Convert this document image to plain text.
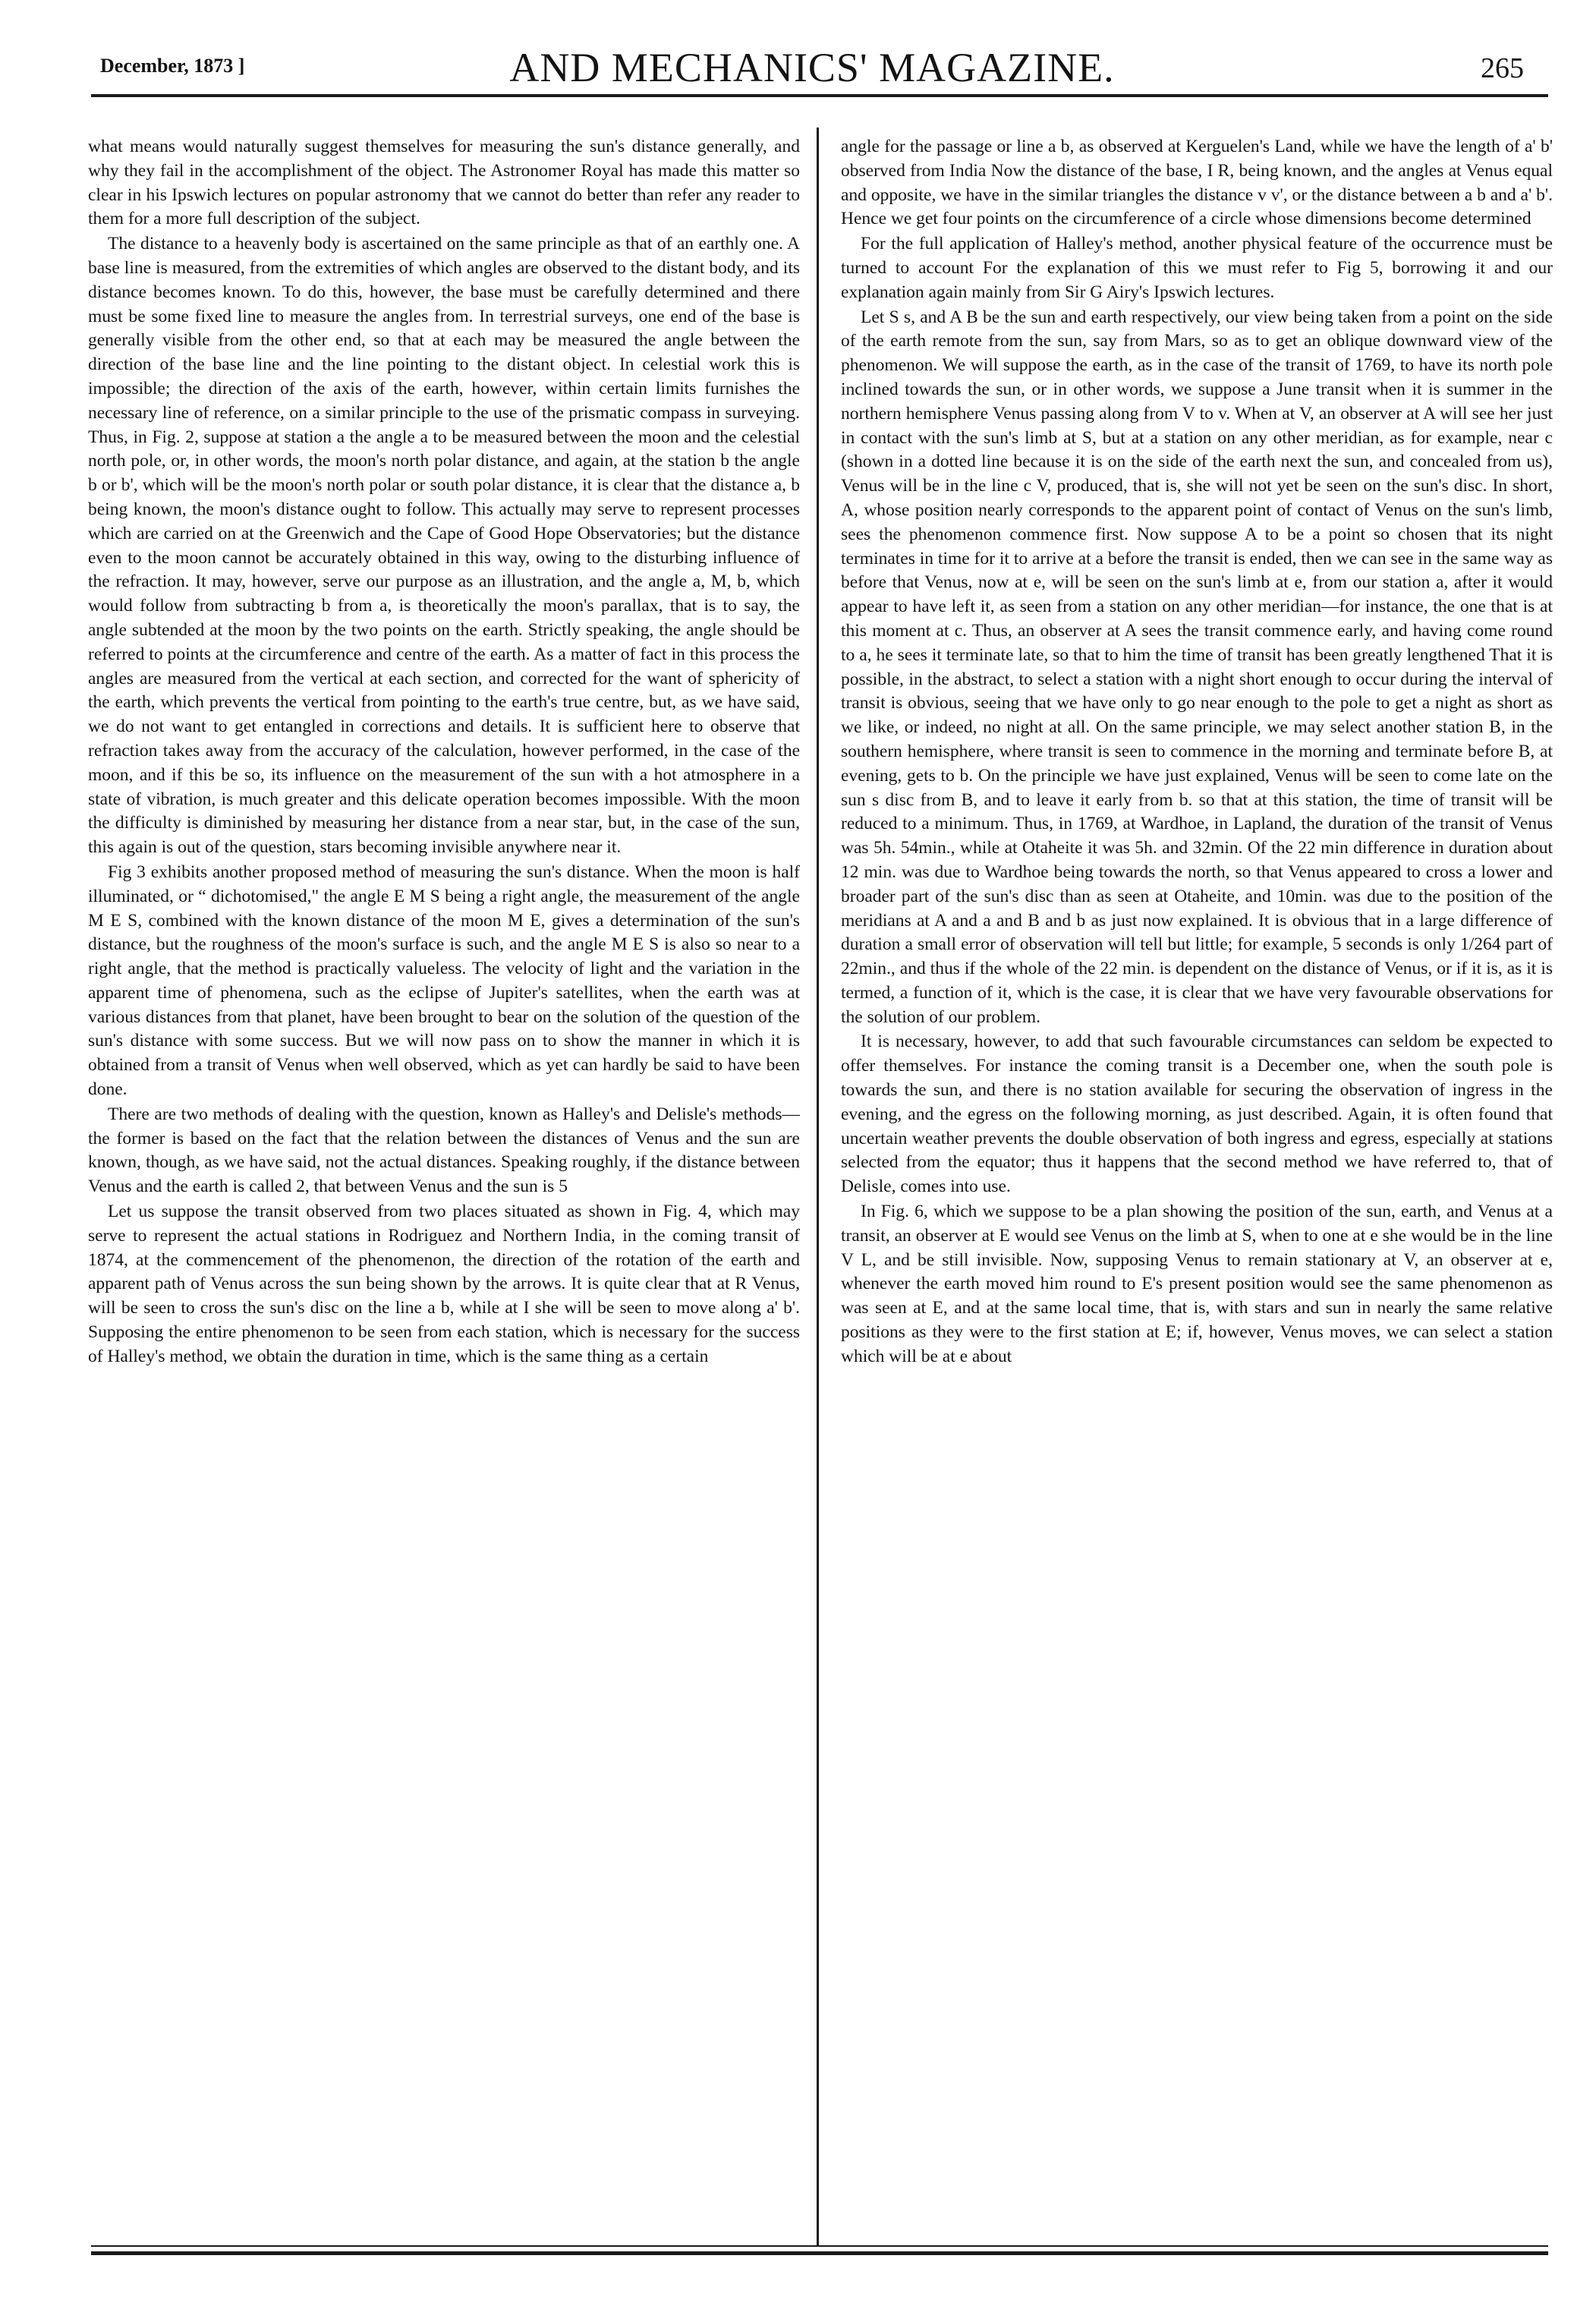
December, 1873 ]	AND MECHANICS' MAGAZINE.	265

what means would naturally suggest themselves for measuring the sun's distance generally, and why they fail in the accomplishment of the object. The Astronomer Royal has made this matter so clear in his Ipswich lectures on popular astronomy that we cannot do better than refer any reader to them for a more full description of the subject.

The distance to a heavenly body is ascertained on the same principle as that of an earthly one. A base line is measured, from the extremities of which angles are observed to the distant body, and its distance becomes known. To do this, however, the base must be carefully determined and there must be some fixed line to measure the angles from. In terrestrial surveys, one end of the base is generally visible from the other end, so that at each may be measured the angle between the direction of the base line and the line pointing to the distant object. In celestial work this is impossible; the direction of the axis of the earth, however, within certain limits furnishes the necessary line of reference, on a similar principle to the use of the prismatic compass in surveying. Thus, in Fig. 2, suppose at station a the angle a to be measured between the moon and the celestial north pole, or, in other words, the moon's north polar distance, and again, at the station b the angle b or b', which will be the moon's north polar or south polar distance, it is clear that the distance a, b being known, the moon's distance ought to follow. This actually may serve to represent processes which are carried on at the Greenwich and the Cape of Good Hope Observatories; but the distance even to the moon cannot be accurately obtained in this way, owing to the disturbing influence of the refraction. It may, however, serve our purpose as an illustration, and the angle a, M, b, which would follow from subtracting b from a, is theoretically the moon's parallax, that is to say, the angle subtended at the moon by the two points on the earth. Strictly speaking, the angle should be referred to points at the circumference and centre of the earth. As a matter of fact in this process the angles are measured from the vertical at each section, and corrected for the want of sphericity of the earth, which prevents the vertical from pointing to the earth's true centre, but, as we have said, we do not want to get entangled in corrections and details. It is sufficient here to observe that refraction takes away from the accuracy of the calculation, however performed, in the case of the moon, and if this be so, its influence on the measurement of the sun with a hot atmosphere in a state of vibration, is much greater and this delicate operation becomes impossible. With the moon the difficulty is diminished by measuring her distance from a near star, but, in the case of the sun, this again is out of the question, stars becoming invisible anywhere near it.

Fig 3 exhibits another proposed method of measuring the sun's distance. When the moon is half illuminated, or “ dichotomised," the angle E M S being a right angle, the measurement of the angle M E S, combined with the known distance of the moon M E, gives a determination of the sun's distance, but the roughness of the moon's surface is such, and the angle M E S is also so near to a right angle, that the method is practically valueless. The velocity of light and the variation in the apparent time of phenomena, such as the eclipse of Jupiter's satellites, when the earth was at various distances from that planet, have been brought to bear on the solution of the question of the sun's distance with some success. But we will now pass on to show the manner in which it is obtained from a transit of Venus when well observed, which as yet can hardly be said to have been done.

There are two methods of dealing with the question, known as Halley's and Delisle's methods—the former is based on the fact that the relation between the distances of Venus and the sun are known, though, as we have said, not the actual distances. Speaking roughly, if the distance between Venus and the earth is called 2, that between Venus and the sun is 5

Let us suppose the transit observed from two places situated as shown in Fig. 4, which may serve to represent the actual stations in Rodriguez and Northern India, in the coming transit of 1874, at the commencement of the phenomenon, the direction of the rotation of the earth and apparent path of Venus across the sun being shown by the arrows. It is quite clear that at R Venus, will be seen to cross the sun's disc on the line a b, while at I she will be seen to move along a' b'. Supposing the entire phenomenon to be seen from each station, which is necessary for the success of Halley's method, we obtain the duration in time, which is the same thing as a certain

angle for the passage or line a b, as observed at Kerguelen's Land, while we have the length of a' b' observed from India Now the distance of the base, I R, being known, and the angles at Venus equal and opposite, we have in the similar triangles the distance v v', or the distance between a b and a' b'. Hence we get four points on the circumference of a circle whose dimensions become determined

For the full application of Halley's method, another physical feature of the occurrence must be turned to account For the explanation of this we must refer to Fig 5, borrowing it and our explanation again mainly from Sir G Airy's Ipswich lectures.

Let S s, and A B be the sun and earth respectively, our view being taken from a point on the side of the earth remote from the sun, say from Mars, so as to get an oblique downward view of the phenomenon. We will suppose the earth, as in the case of the transit of 1769, to have its north pole inclined towards the sun, or in other words, we suppose a June transit when it is summer in the northern hemisphere Venus passing along from V to v. When at V, an observer at A will see her just in contact with the sun's limb at S, but at a station on any other meridian, as for example, near c (shown in a dotted line because it is on the side of the earth next the sun, and concealed from us), Venus will be in the line c V, produced, that is, she will not yet be seen on the sun's disc. In short, A, whose position nearly corresponds to the apparent point of contact of Venus on the sun's limb, sees the phenomenon commence first. Now suppose A to be a point so chosen that its night terminates in time for it to arrive at a before the transit is ended, then we can see in the same way as before that Venus, now at e, will be seen on the sun's limb at e, from our station a, after it would appear to have left it, as seen from a station on any other meridian—for instance, the one that is at this moment at c. Thus, an observer at A sees the transit commence early, and having come round to a, he sees it terminate late, so that to him the time of transit has been greatly lengthened That it is possible, in the abstract, to select a station with a night short enough to occur during the interval of transit is obvious, seeing that we have only to go near enough to the pole to get a night as short as we like, or indeed, no night at all. On the same principle, we may select another station B, in the southern hemisphere, where transit is seen to commence in the morning and terminate before B, at evening, gets to b. On the principle we have just explained, Venus will be seen to come late on the sun s disc from B, and to leave it early from b. so that at this station, the time of transit will be reduced to a minimum. Thus, in 1769, at Wardhoe, in Lapland, the duration of the transit of Venus was 5h. 54min., while at Otaheite it was 5h. and 32min. Of the 22 min difference in duration about 12 min. was due to Wardhoe being towards the north, so that Venus appeared to cross a lower and broader part of the sun's disc than as seen at Otaheite, and 10min. was due to the position of the meridians at A and a and B and b as just now explained. It is obvious that in a large difference of duration a small error of observation will tell but little; for example, 5 seconds is only 1/264 part of 22min., and thus if the whole of the 22 min. is dependent on the distance of Venus, or if it is, as it is termed, a function of it, which is the case, it is clear that we have very favourable observations for the solution of our problem.

It is necessary, however, to add that such favourable circumstances can seldom be expected to offer themselves. For instance the coming transit is a December one, when the south pole is towards the sun, and there is no station available for securing the observation of ingress in the evening, and the egress on the following morning, as just described. Again, it is often found that uncertain weather prevents the double observation of both ingress and egress, especially at stations selected from the equator; thus it happens that the second method we have referred to, that of Delisle, comes into use.

In Fig. 6, which we suppose to be a plan showing the position of the sun, earth, and Venus at a transit, an observer at E would see Venus on the limb at S, when to one at e she would be in the line V L, and be still invisible. Now, supposing Venus to remain stationary at V, an observer at e, whenever the earth moved him round to E's present position would see the same phenomenon as was seen at E, and at the same local time, that is, with stars and sun in nearly the same relative positions as they were to the first station at E; if, however, Venus moves, we can select a station which will be at e about
